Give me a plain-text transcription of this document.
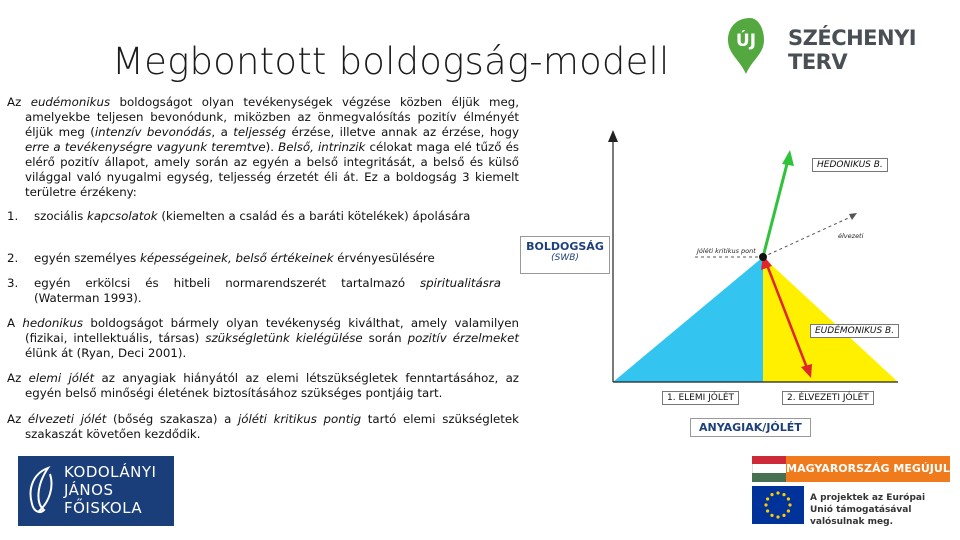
Megbontott boldogság-modell	ÚJ SZÉCHENYI TERV
Az eudémonikus boldogságot olyan tevékenységek végzése közben éljük meg, amelyekbe teljesen bevonódunk, miközben az önmegvalósítás pozitív élményét éljük meg (intenzív bevonódás, a teljesség érzése, illetve annak az érzése, hogy erre a tevékenységre vagyunk teremtve). Belső, intrinzik célokat maga elé tűző és elérő pozitív állapot, amely során az egyén a belső integritását, a belső és külső világgal való nyugalmi egység, teljesség érzetét éli át. Ez a boldogság 3 kiemelt területre érzékeny:
1. szociális kapcsolatok (kiemelten a család és a baráti kötelékek) ápolására
2. egyén személyes képességeinek, belső értékeinek érvényesülésére
3. egyén erkölcsi és hitbeli normarendszerét tartalmazó spiritualitásra (Waterman 1993).
A hedonikus boldogságot bármely olyan tevékenység kiválthat, amely valamilyen (fizikai, intellektuális, társas) szükségletünk kielégülése során pozitív érzelmeket élünk át (Ryan, Deci 2001).
Az elemi jólét az anyagiak hiányától az elemi létszükségletek fenntartásához, az egyén belső minőségi életének biztosításához szükséges pontjáig tart.
Az élvezeti jólét (bőség szakasza) a jóléti kritikus pontig tartó elemi szükségletek szakaszát követően kezdődik.
Jóléti kritikus pont
élvezeti
HEDONIKUS B.
EUDÉMONIKUS B.
BOLDOGSÁG
(SWB)
1. ELEMI JÓLÉT	2. ÉLVEZETI JÓLÉT
ANYAGIAK/JÓLÉT
KODOLÁNYI
JÁNOS
FŐISKOLA
MAGYARORSZÁG MEGÚJUL
A projektek az Európai Unió támogatásával valósulnak meg.
